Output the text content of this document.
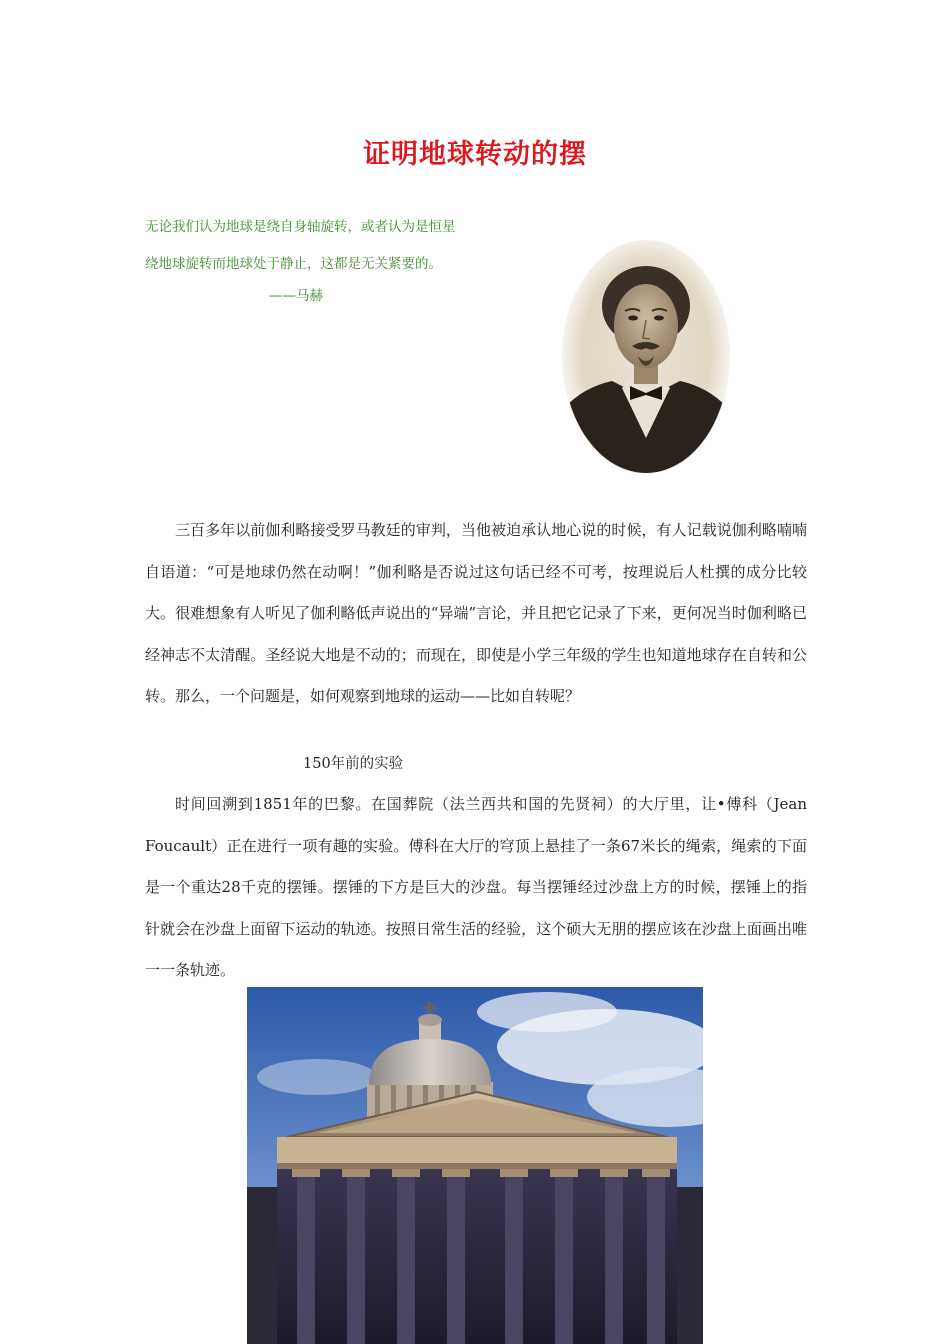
证明地球转动的摆
无论我们认为地球是绕自身轴旋转，或者认为是恒星
绕地球旋转而地球处于静止，这都是无关紧要的。
——马赫

三百多年以前伽利略接受罗马教廷的审判，当他被迫承认地心说的时候，有人记载说伽利略喃喃自语道：“可是地球仍然在动啊！”伽利略是否说过这句话已经不可考，按理说后人杜撰的成分比较大。很难想象有人听见了伽利略低声说出的“异端”言论，并且把它记录了下来，更何况当时伽利略已经神志不太清醒。圣经说大地是不动的；而现在，即使是小学三年级的学生也知道地球存在自转和公转。那么，一个问题是，如何观察到地球的运动——比如自转呢？

150年前的实验

时间回溯到1851年的巴黎。在国葬院（法兰西共和国的先贤祠）的大厅里，让•傅科（Jean Foucault）正在进行一项有趣的实验。傅科在大厅的穹顶上悬挂了一条67米长的绳索，绳索的下面是一个重达28千克的摆锤。摆锤的下方是巨大的沙盘。每当摆锤经过沙盘上方的时候，摆锤上的指针就会在沙盘上面留下运动的轨迹。按照日常生活的经验，这个硕大无朋的摆应该在沙盘上面画出唯一一条轨迹。
